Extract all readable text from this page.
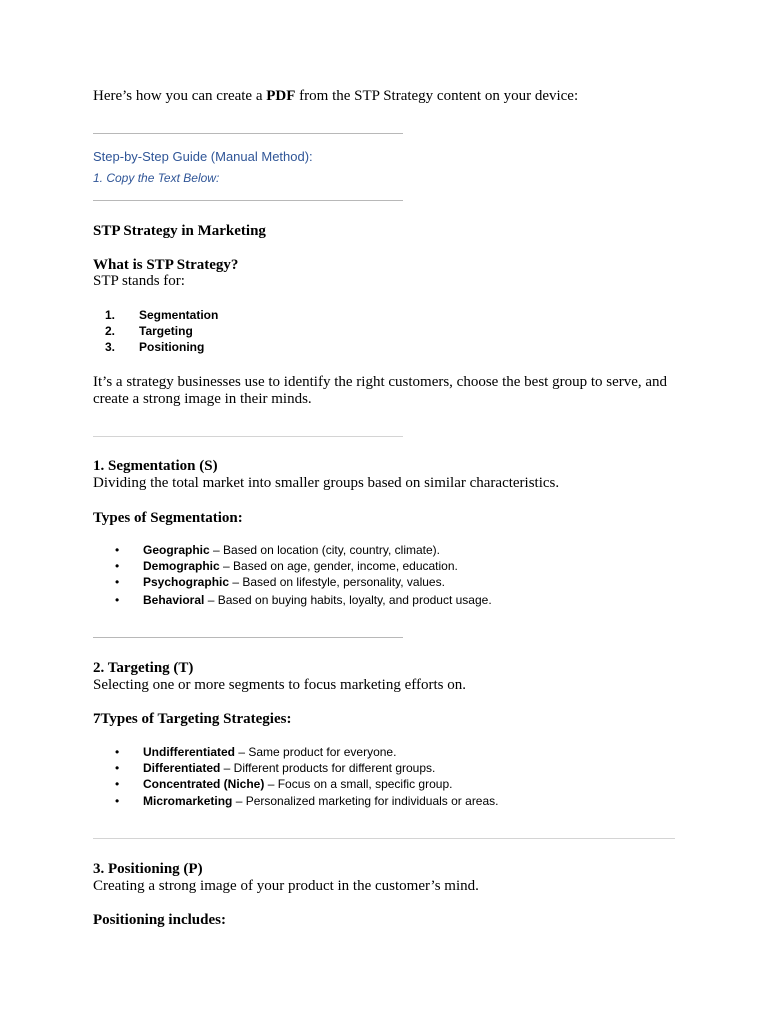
Here’s how you can create a PDF from the STP Strategy content on your device:
Step-by-Step Guide (Manual Method):
1. Copy the Text Below:
STP Strategy in Marketing
What is STP Strategy?
STP stands for:
1. Segmentation
2. Targeting
3. Positioning
It’s a strategy businesses use to identify the right customers, choose the best group to serve, and create a strong image in their minds.
1. Segmentation (S)
Dividing the total market into smaller groups based on similar characteristics.
Types of Segmentation:
• Geographic – Based on location (city, country, climate).
• Demographic – Based on age, gender, income, education.
• Psychographic – Based on lifestyle, personality, values.
• Behavioral – Based on buying habits, loyalty, and product usage.
2. Targeting (T)
Selecting one or more segments to focus marketing efforts on.
7Types of Targeting Strategies:
• Undifferentiated – Same product for everyone.
• Differentiated – Different products for different groups.
• Concentrated (Niche) – Focus on a small, specific group.
• Micromarketing – Personalized marketing for individuals or areas.
3. Positioning (P)
Creating a strong image of your product in the customer’s mind.
Positioning includes:
